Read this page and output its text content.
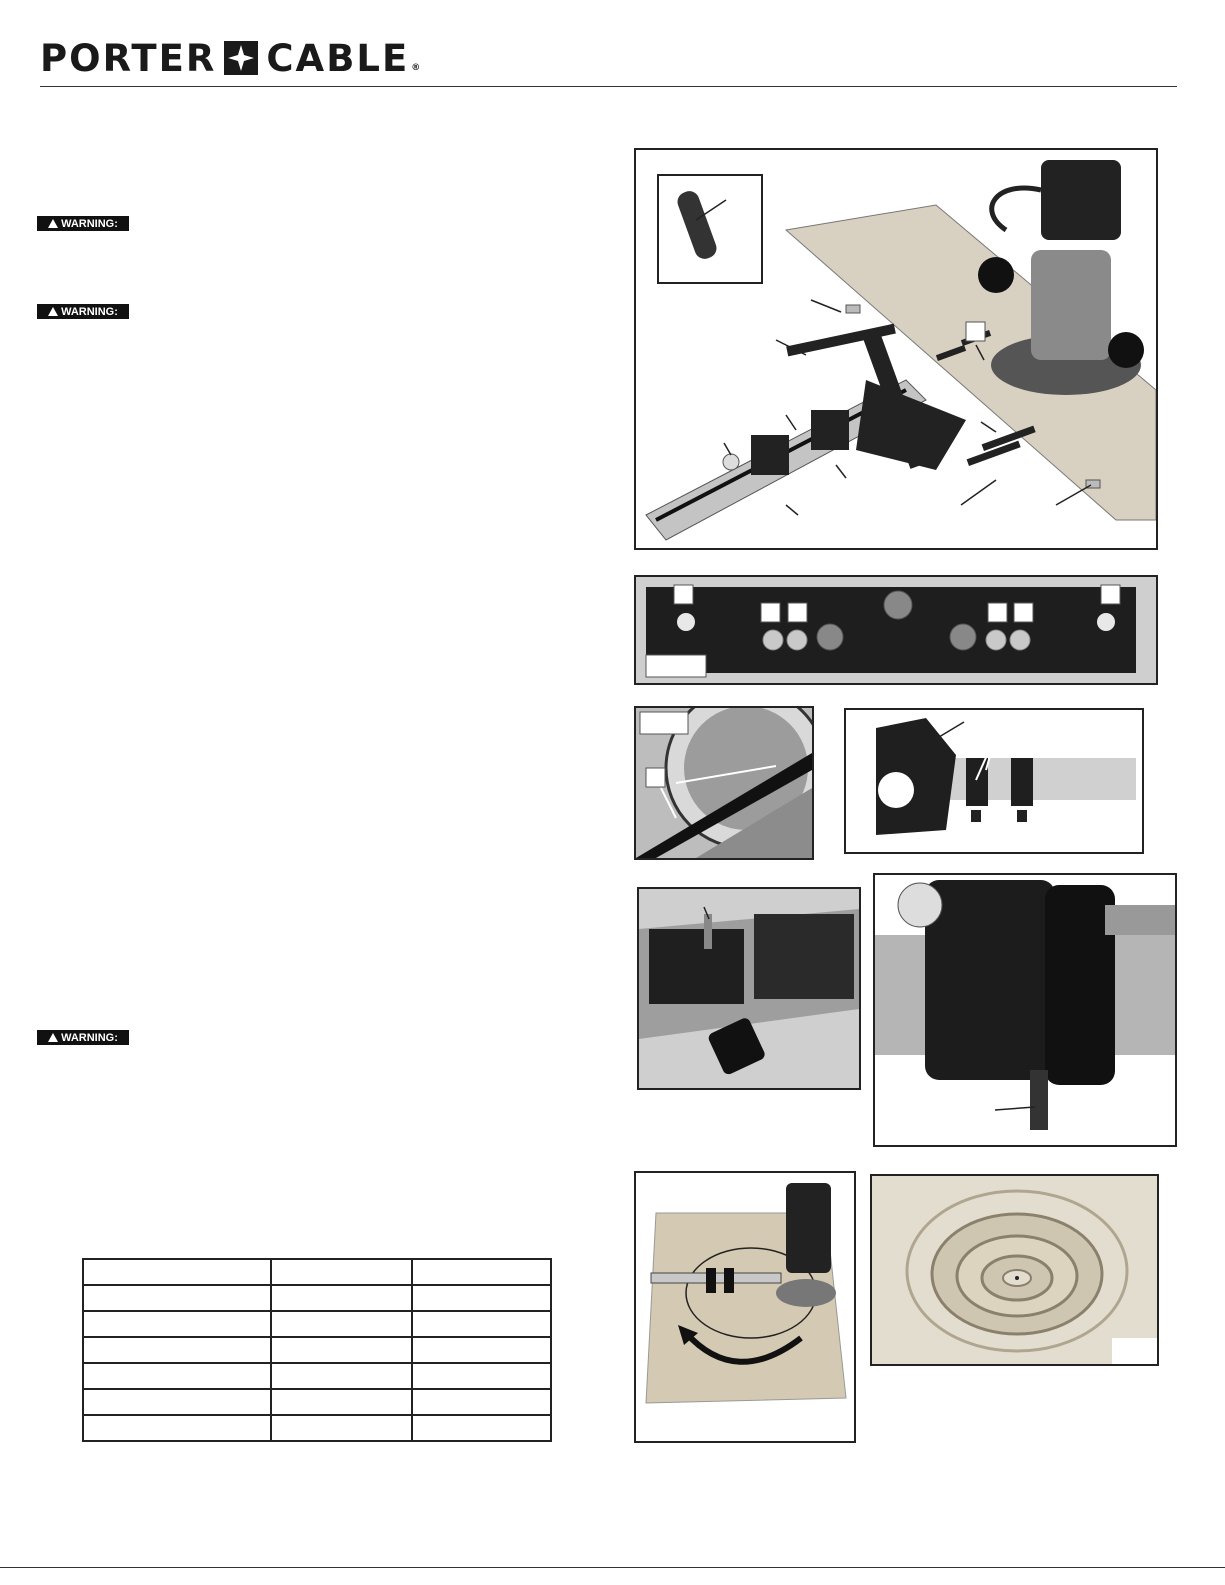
PORTER CABLE ®
WARNING:
WARNING:
WARNING:
